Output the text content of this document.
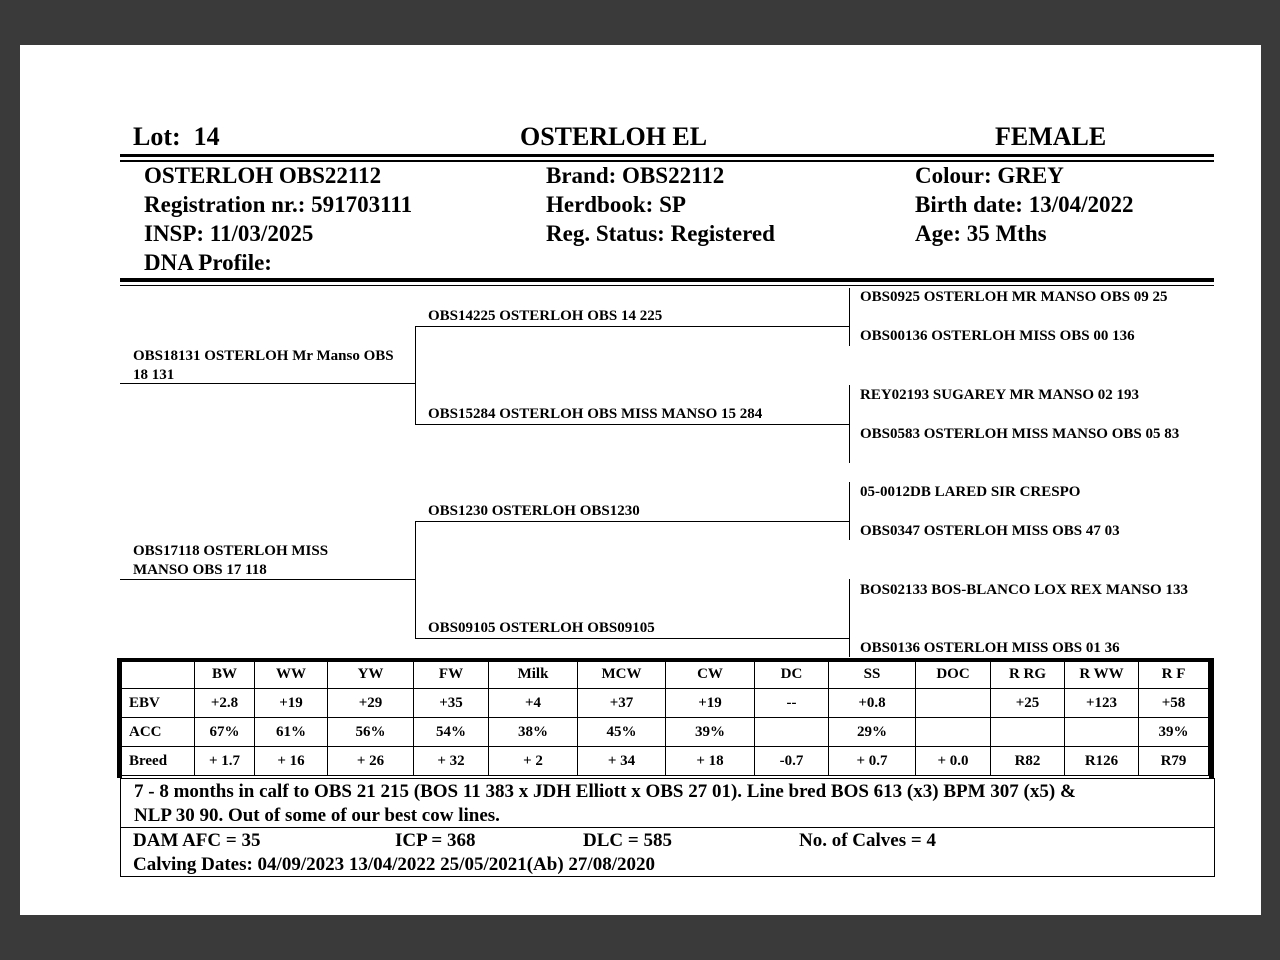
Lot: 14	OSTERLOH EL	FEMALE
OSTERLOH OBS22112
Registration nr.: 591703111
INSP: 11/03/2025
DNA Profile:
Brand: OBS22112
Herdbook: SP
Reg. Status: Registered
Colour: GREY
Birth date: 13/04/2022
Age: 35 Mths
OBS18131 OSTERLOH Mr Manso OBS 18 131
OBS17118 OSTERLOH MISS MANSO OBS 17 118
OBS14225 OSTERLOH OBS 14 225
OBS15284 OSTERLOH OBS MISS MANSO 15 284
OBS1230 OSTERLOH OBS1230
OBS09105 OSTERLOH OBS09105
OBS0925 OSTERLOH MR MANSO OBS 09 25
OBS00136 OSTERLOH MISS OBS 00 136
REY02193 SUGAREY MR MANSO 02 193
OBS0583 OSTERLOH MISS MANSO OBS 05 83
05-0012DB LARED SIR CRESPO
OBS0347 OSTERLOH MISS OBS 47 03
BOS02133 BOS-BLANCO LOX REX MANSO 133
OBS0136 OSTERLOH MISS OBS 01 36
	BW	WW	YW	FW	Milk	MCW	CW	DC	SS	DOC	R RG	R WW	R F
EBV	+2.8	+19	+29	+35	+4	+37	+19	--	+0.8		+25	+123	+58
ACC	67%	61%	56%	54%	38%	45%	39%		29%				39%
Breed	+ 1.7	+ 16	+ 26	+ 32	+ 2	+ 34	+ 18	-0.7	+ 0.7	+ 0.0	R82	R126	R79
7 - 8 months in calf to OBS 21 215 (BOS 11 383 x JDH Elliott x OBS 27 01). Line bred BOS 613 (x3) BPM 307 (x5) &
NLP 30 90. Out of some of our best cow lines.
DAM AFC = 35	ICP = 368	DLC = 585	No. of Calves = 4
Calving Dates: 04/09/2023 13/04/2022 25/05/2021(Ab) 27/08/2020
